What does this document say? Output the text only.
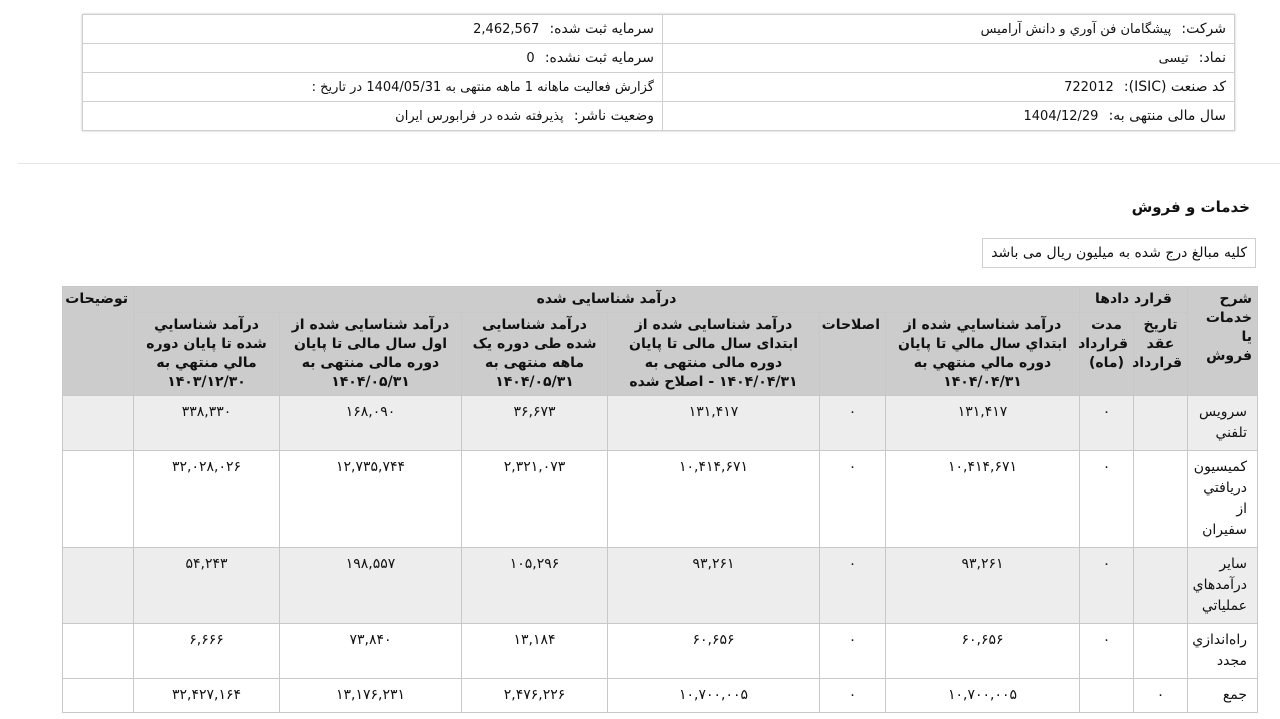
شرکت: پیشگامان فن آوري و دانش آرامیس	سرمایه ثبت شده: 2,462,567
نماد: تیسی	سرمایه ثبت نشده: 0
کد صنعت (ISIC): 722012	گزارش فعالیت ماهانه 1 ماهه منتهی به 1404/05/31 در تاریخ :
سال مالی منتهی به: 1404/12/29	وضعیت ناشر: پذیرفته شده در فرابورس ایران
خدمات و فروش
کلیه مبالغ درج شده به میلیون ریال می باشد
شرح خدمات یا فروش	قرارد دادها		درآمد شناسایی شده						توضیحات
	تاریخ عقد قرارداد	مدت قرارداد (ماه)	درآمد شناسايي شده از ابتداي سال مالي تا پايان دوره مالي منتهي به ۱۴۰۴/۰۴/۳۱	اصلاحات	درآمد شناسایی شده از ابتدای سال مالی تا پایان دوره مالی منتهی به ۱۴۰۴/۰۴/۳۱ - اصلاح شده	درآمد شناسایی شده طی دوره یک ماهه منتهی به ۱۴۰۴/۰۵/۳۱	درآمد شناسایی شده از اول سال مالی تا پایان دوره مالی منتهی به ۱۴۰۴/۰۵/۳۱	درآمد شناسايي شده تا پايان دوره مالي منتهي به ۱۴۰۳/۱۲/۳۰	
سرویس تلفني		۰	۱۳۱,۴۱۷	۰	۱۳۱,۴۱۷	۳۶,۶۷۳	۱۶۸,۰۹۰	۳۳۸,۳۳۰	
کمیسیون دريافتي از سفيران		۰	۱۰,۴۱۴,۶۷۱	۰	۱۰,۴۱۴,۶۷۱	۲,۳۲۱,۰۷۳	۱۲,۷۳۵,۷۴۴	۳۲,۰۲۸,۰۲۶	
ساير درآمدهاي عملياتي		۰	۹۳,۲۶۱	۰	۹۳,۲۶۱	۱۰۵,۲۹۶	۱۹۸,۵۵۷	۵۴,۲۴۳	
راه‌اندازي مجدد		۰	۶۰,۶۵۶	۰	۶۰,۶۵۶	۱۳,۱۸۴	۷۳,۸۴۰	۶,۶۶۶	
جمع	۰		۱۰,۷۰۰,۰۰۵	۰	۱۰,۷۰۰,۰۰۵	۲,۴۷۶,۲۲۶	۱۳,۱۷۶,۲۳۱	۳۲,۴۲۷,۱۶۴	
